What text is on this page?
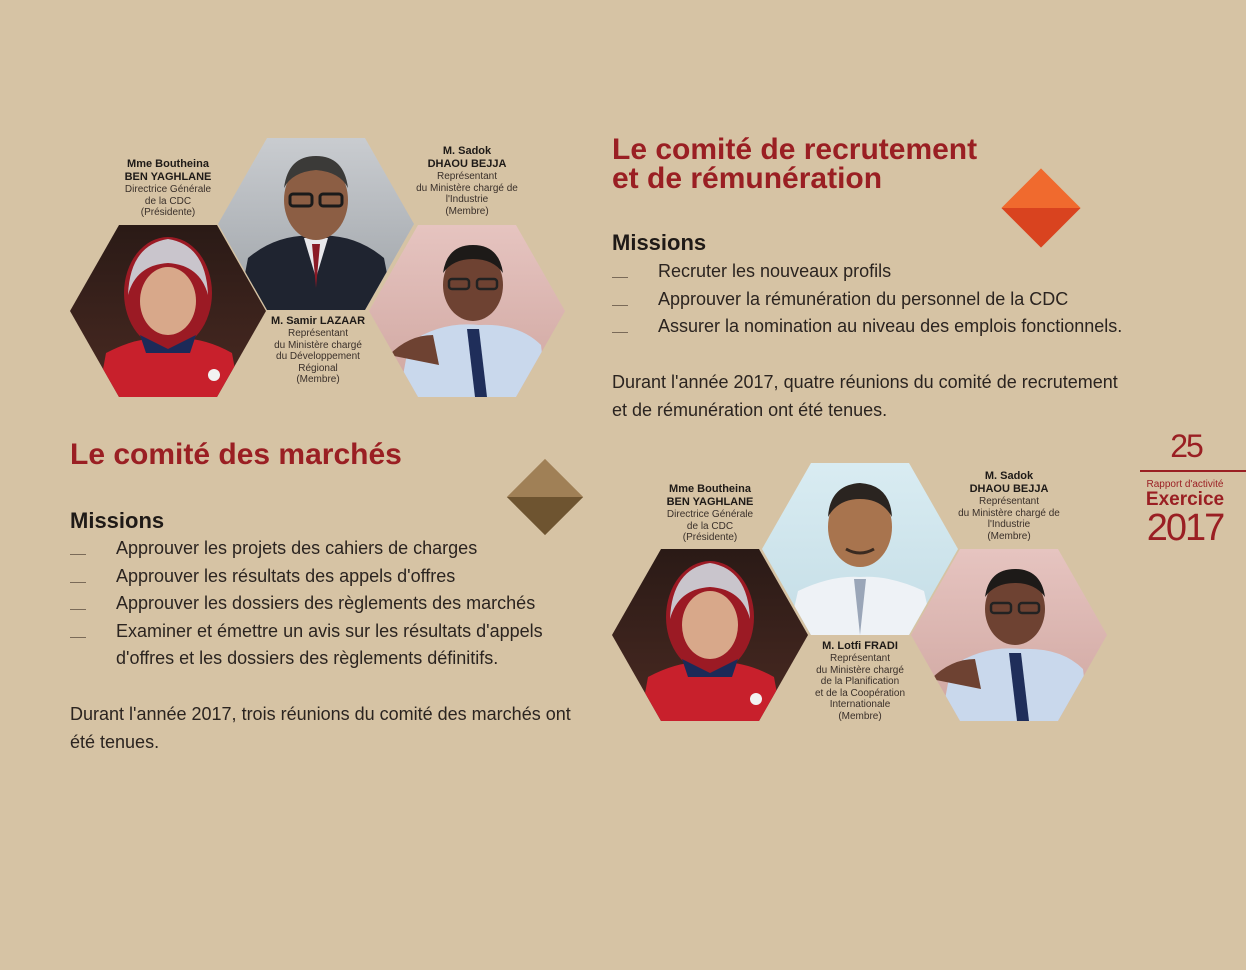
Mme Boutheina
BEN YAGHLANE
Directrice Générale
de la CDC
(Présidente)
M. Sadok
DHAOU BEJJA
Représentant
du Ministère chargé de
l'Industrie
(Membre)
M. Samir LAZAAR
Représentant
du Ministère chargé
du Développement
Régional
(Membre)
Le comité de recrutement
et de rémunération
Missions
Recruter les nouveaux profils
Approuver la rémunération du personnel de la CDC
Assurer la nomination au niveau des emplois fonctionnels.

Durant l'année 2017, quatre réunions du comité de recrutement
et de rémunération ont été tenues.

Le comité des marchés
Missions
Approuver les projets des cahiers de charges
Approuver les résultats des appels d'offres
Approuver les dossiers des règlements des marchés
Examiner et émettre un avis sur les résultats d'appels
d'offres et les dossiers des règlements définitifs.

Durant l'année 2017, trois réunions du comité des marchés ont
été tenues.

Mme Boutheina
BEN YAGHLANE
Directrice Générale
de la CDC
(Présidente)
M. Sadok
DHAOU BEJJA
Représentant
du Ministère chargé de
l'Industrie
(Membre)
M. Lotfi FRADI
Représentant
du Ministère chargé
de la Planification
et de la Coopération
Internationale
(Membre)
25
Rapport d'activité
Exercice
2017
